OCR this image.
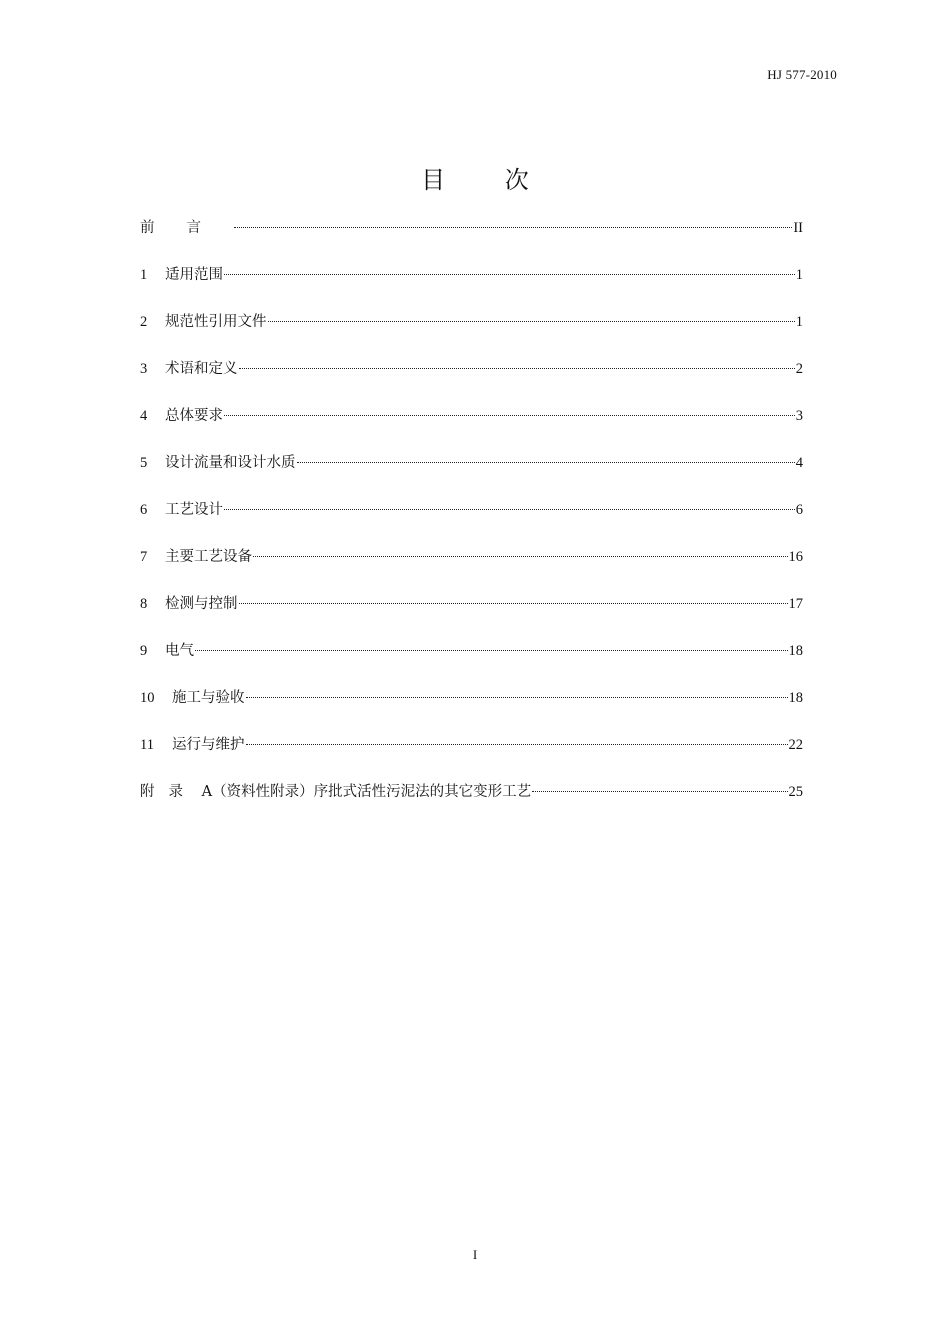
HJ 577-2010
目 次
前言	II
1	适用范围	1
2	规范性引用文件	1
3	术语和定义	2
4	总体要求	3
5	设计流量和设计水质	4
6	工艺设计	6
7	主要工艺设备	16
8	检测与控制	17
9	电气	18
10	施工与验收	18
11	运行与维护	22
附录 A（资料性附录）序批式活性污泥法的其它变形工艺	25
I
